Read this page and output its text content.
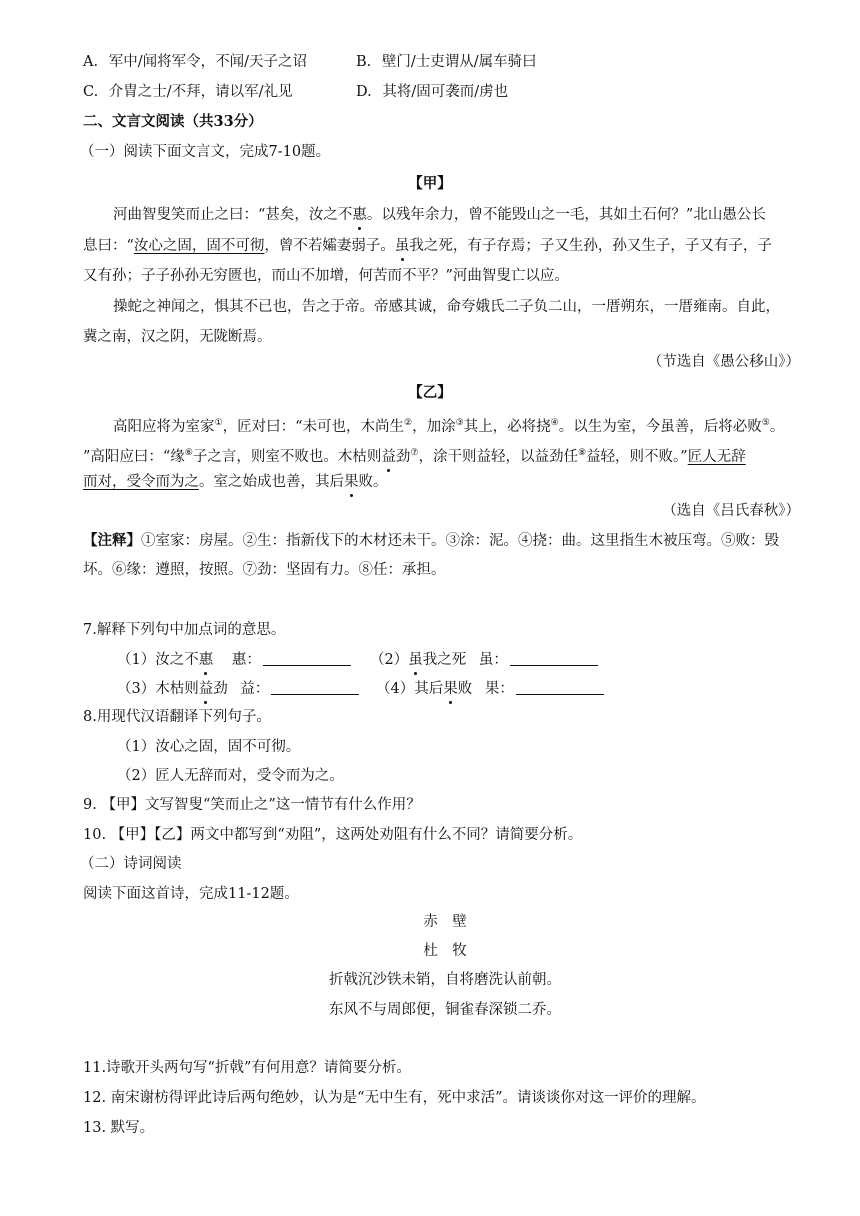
A. 军中/闻将军令，不闻/天子之诏	B. 壁门/士吏谓从/属车骑曰
C. 介胄之士/不拜，请以军/礼见	D. 其将/固可袭而/虏也
二、文言文阅读（共33分）
（一）阅读下面文言文，完成7-10题。
【甲】
河曲智叟笑而止之曰：“甚矣，汝之不惠。以残年余力，曾不能毁山之一毛，其如土石何？”北山愚公长
息曰：“汝心之固，固不可彻，曾不若孀妻弱子。虽我之死，有子存焉；子又生孙，孙又生子，子又有子，子
又有孙；子子孙孙无穷匮也，而山不加增，何苦而不平？”河曲智叟亡以应。
操蛇之神闻之，惧其不已也，告之于帝。帝感其诚，命夸娥氏二子负二山，一厝朔东，一厝雍南。自此，
冀之南，汉之阴，无陇断焉。
（节选自《愚公移山》）
【乙】
高阳应将为室家①，匠对曰：“未可也，木尚生②，加涂③其上，必将挠④。以生为室，今虽善，后将必败⑤。
”高阳应曰：“缘⑥子之言，则室不败也。木枯则益劲⑦，涂干则益轻，以益劲任⑧益轻，则不败。”匠人无辞
而对，受令而为之。室之始成也善，其后果败。
（选自《吕氏春秋》）
【注释】①室家：房屋。②生：指新伐下的木材还未干。③涂：泥。④挠：曲。这里指生木被压弯。⑤败：毁
坏。⑥缘：遵照，按照。⑦劲：坚固有力。⑧任：承担。
7.解释下列句中加点词的意思。
（1）汝之不惠 惠：	（2）虽我之死 虽：
（3）木枯则益劲 益：	（4）其后果败 果：
8.用现代汉语翻译下列句子。
（1）汝心之固，固不可彻。
（2）匠人无辞而对，受令而为之。
9. 【甲】文写智叟“笑而止之”这一情节有什么作用？
10. 【甲】【乙】两文中都写到“劝阻”，这两处劝阻有什么不同？请简要分析。
（二）诗词阅读
阅读下面这首诗，完成11-12题。
赤　壁
杜　牧
折戟沉沙铁未销，自将磨洗认前朝。
东风不与周郎便，铜雀春深锁二乔。
11.诗歌开头两句写“折戟”有何用意？请简要分析。
12. 南宋谢枋得评此诗后两句绝妙，认为是“无中生有，死中求活”。请谈谈你对这一评价的理解。
13. 默写。
